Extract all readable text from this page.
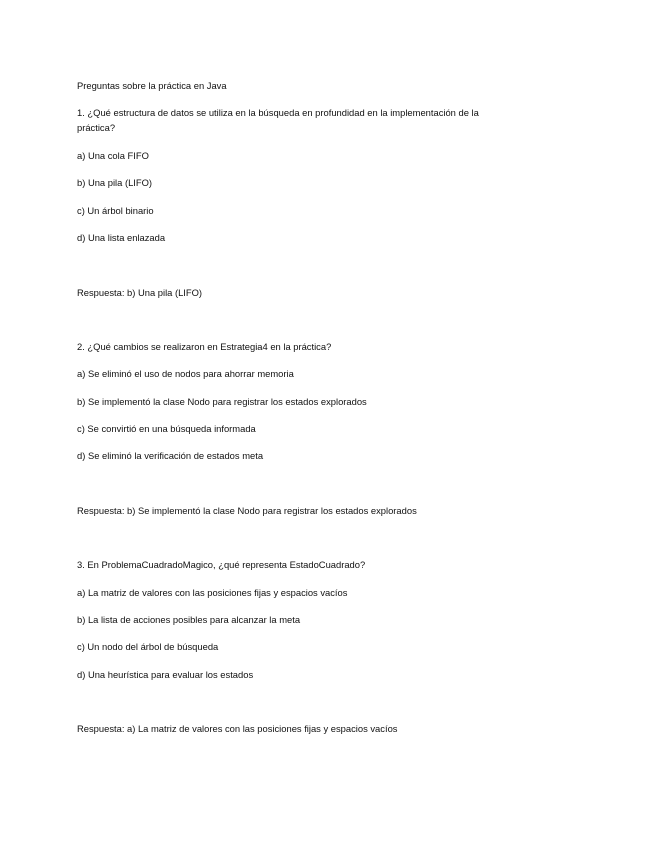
Preguntas sobre la práctica en Java
1. ¿Qué estructura de datos se utiliza en la búsqueda en profundidad en la implementación de la
práctica?
a) Una cola FIFO
b) Una pila (LIFO)
c) Un árbol binario
d) Una lista enlazada
Respuesta: b) Una pila (LIFO)
2. ¿Qué cambios se realizaron en Estrategia4 en la práctica?
a) Se eliminó el uso de nodos para ahorrar memoria
b) Se implementó la clase Nodo para registrar los estados explorados
c) Se convirtió en una búsqueda informada
d) Se eliminó la verificación de estados meta
Respuesta: b) Se implementó la clase Nodo para registrar los estados explorados
3. En ProblemaCuadradoMagico, ¿qué representa EstadoCuadrado?
a) La matriz de valores con las posiciones fijas y espacios vacíos
b) La lista de acciones posibles para alcanzar la meta
c) Un nodo del árbol de búsqueda
d) Una heurística para evaluar los estados
Respuesta: a) La matriz de valores con las posiciones fijas y espacios vacíos
